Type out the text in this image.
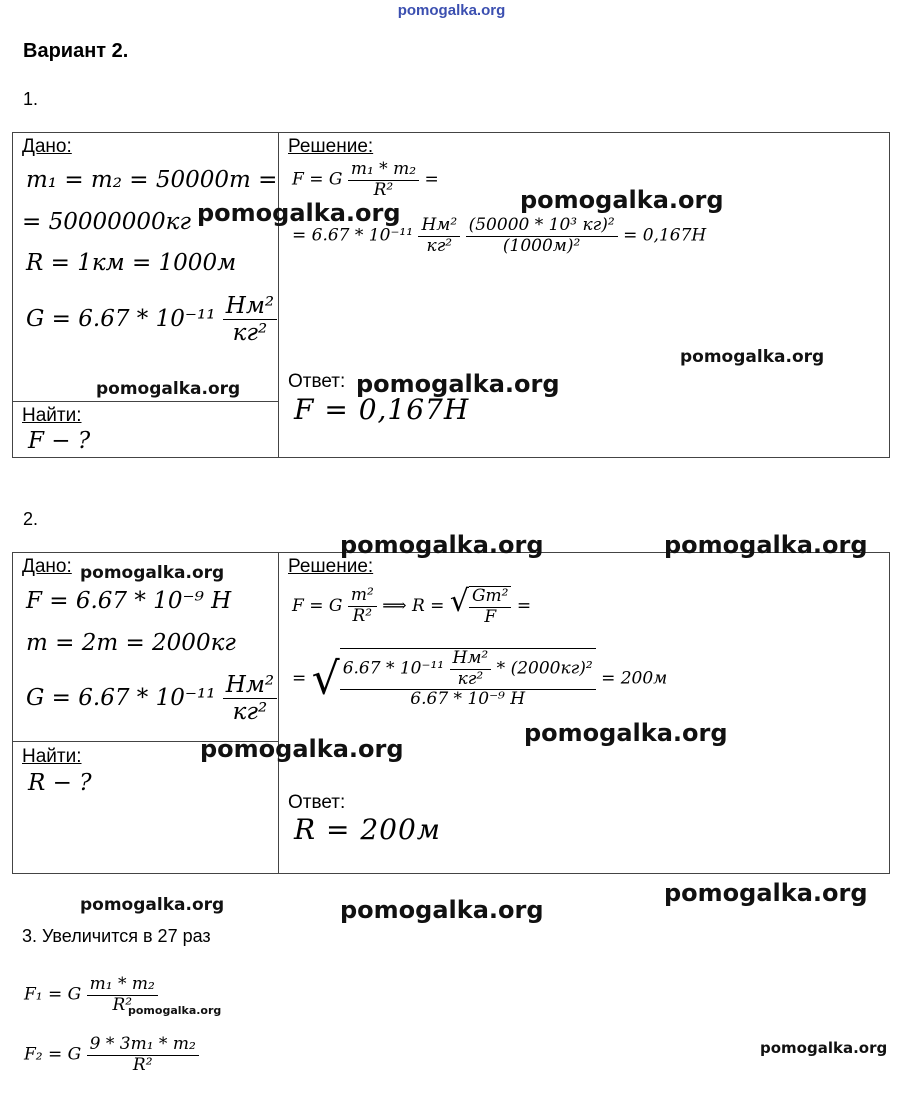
pomogalka.org
Вариант 2.
1.
Дано:
m₁ = m₂ = 50000т =
= 50000000кг
R = 1км = 1000м
$G = 6.67 * 10^{-11} \frac{\text{Нм²}}{\text{кг²}}$
Найти:
F − ?
Решение:
F = G $\frac{\text{m₁ * m₂}}{\text{R²}}$ =
= $6.67 * 10^{-11} \frac{\text{Нм²}}{\text{кг²}}$
$\frac{\text{(50000 * 10³ кг)²}}{\text{(1000м)²}} = 0,167Н$
Ответ:
F = 0,167Н
2.
Дано:
F = 6.67 * 10⁻⁹ Н
m = 2т = 2000кг
$G = 6.67 * 10^{-11} \frac{\text{Нм²}}{\text{кг²}}$
Найти:
R − ?
Решение:
F = G $\frac{\text{m²}}{\text{R²}}$ ⟹ R = √ $\frac{\text{Gm²}}{F}$ =
= √ $\frac{6.67 * 10^{-11} \frac{\text{Нм²}}{\text{кг²}} * (2000кг)^2}{\text{6.67 * 10⁻⁹ Н}} = 200м$
Ответ:
R = 200м
3. Увеличится в 27 раз
F₁ = G $\frac{\text{m₁ * m₂}}{\text{R²}}$
F₂ = G $\frac{\text{9 * 3m₁ * m₂}}{\text{R²}}$
pomogalka.org	pomogalka.org
pomogalka.org
pomogalka.org	pomogalka.org
pomogalka.org	pomogalka.org
pomogalka.org
pomogalka.org
pomogalka.org
pomogalka.org
pomogalka.org	pomogalka.org
pomogalka.org
pomogalka.org
